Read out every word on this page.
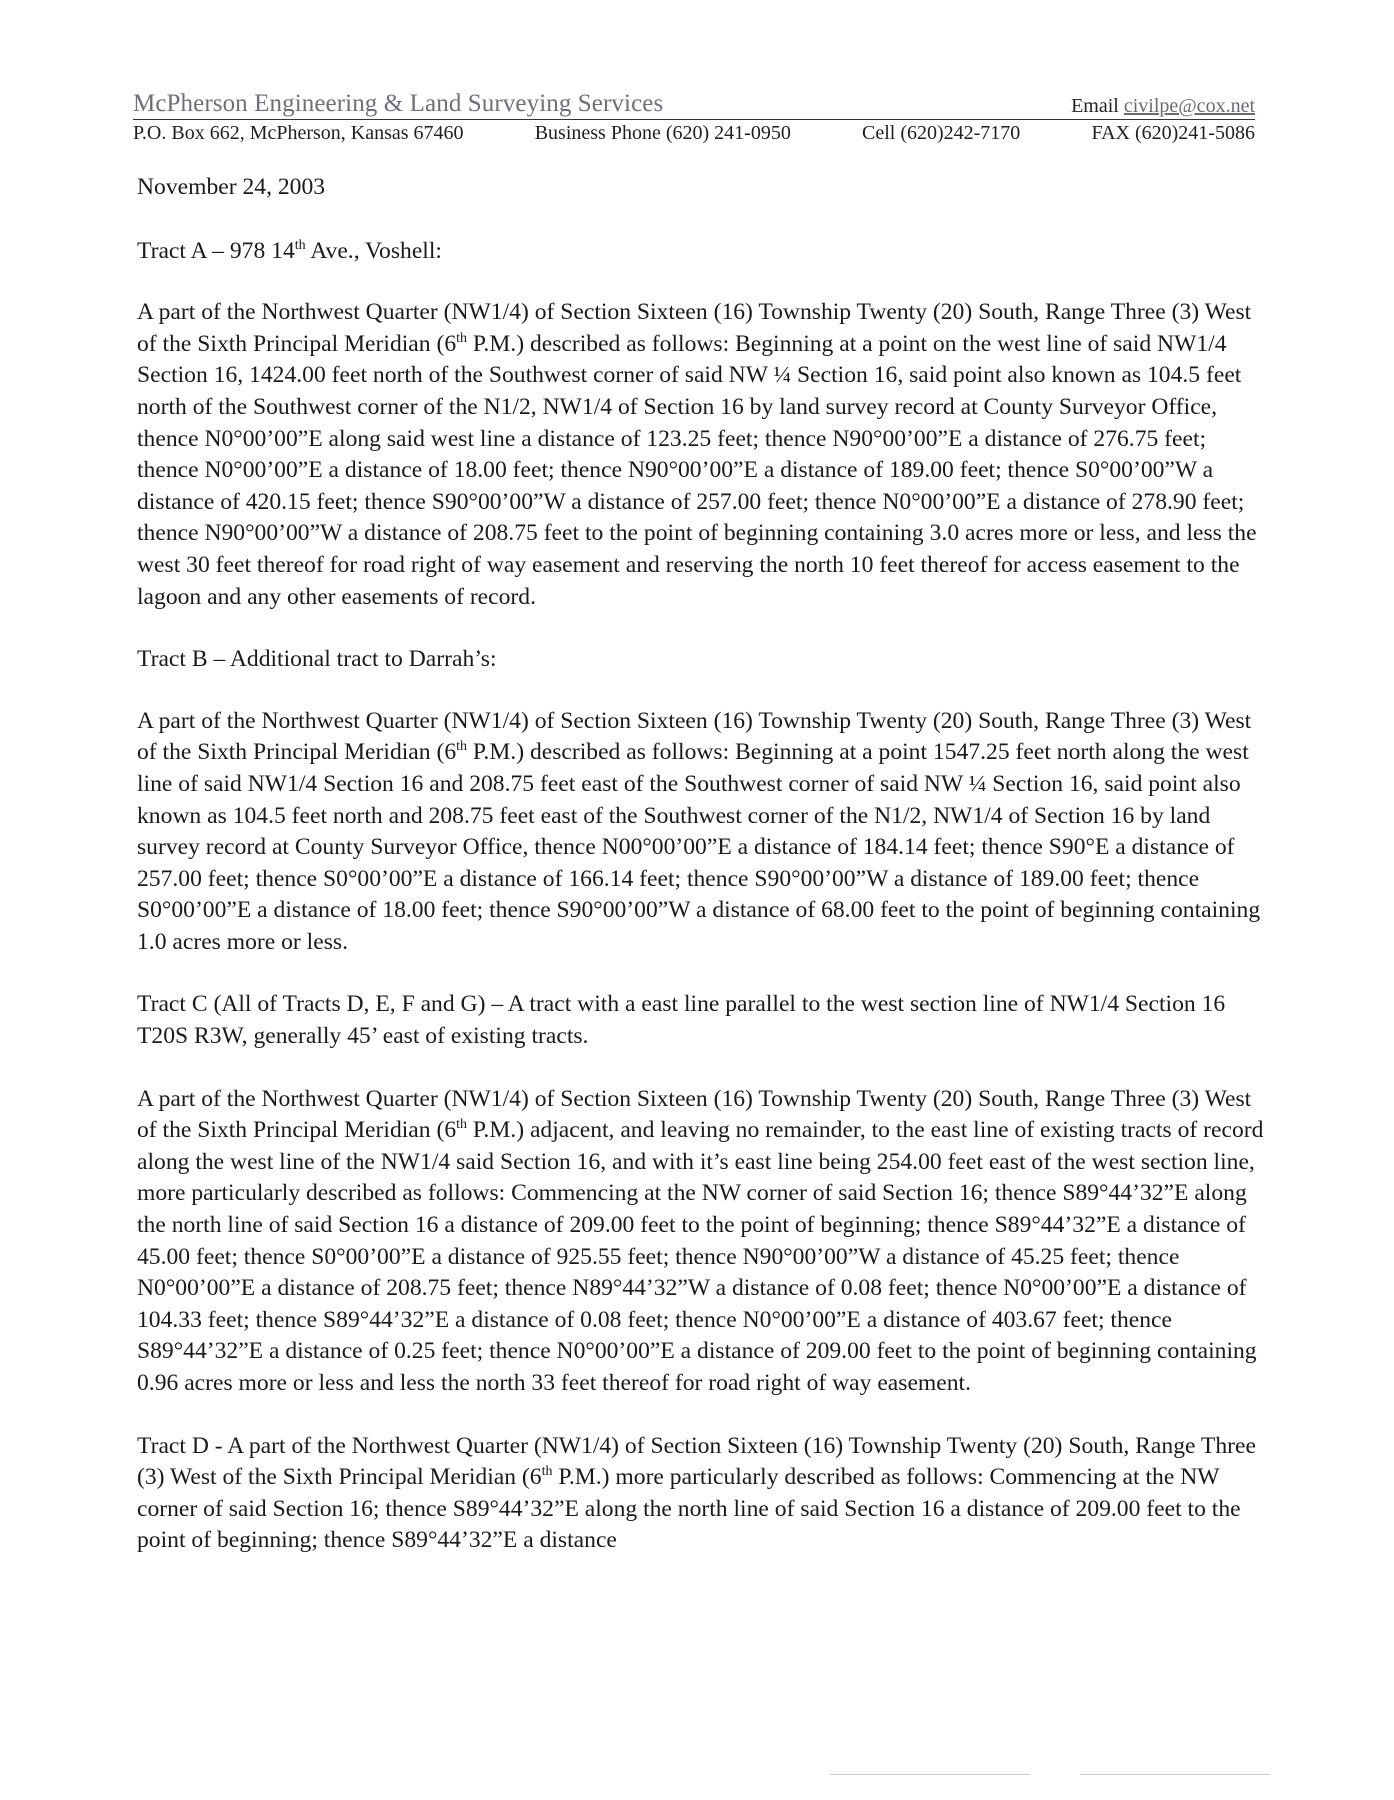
McPherson Engineering & Land Surveying Services	Email civilpe@cox.net
P.O. Box 662, McPherson, Kansas 67460	Business Phone (620) 241-0950	Cell (620)242-7170	FAX (620)241-5086

November 24, 2003

Tract A – 978 14th Ave., Voshell:

A part of the Northwest Quarter (NW1/4) of Section Sixteen (16) Township Twenty (20) South, Range Three (3) West of the Sixth Principal Meridian (6th P.M.) described as follows: Beginning at a point on the west line of said NW1/4 Section 16, 1424.00 feet north of the Southwest corner of said NW ¼ Section 16, said point also known as 104.5 feet north of the Southwest corner of the N1/2, NW1/4 of Section 16 by land survey record at County Surveyor Office, thence N0°00’00”E along said west line a distance of 123.25 feet; thence N90°00’00”E a distance of 276.75 feet; thence N0°00’00”E a distance of 18.00 feet; thence N90°00’00”E a distance of 189.00 feet; thence S0°00’00”W a distance of 420.15 feet; thence S90°00’00”W a distance of 257.00 feet; thence N0°00’00”E a distance of 278.90 feet; thence N90°00’00”W a distance of 208.75 feet to the point of beginning containing 3.0 acres more or less, and less the west 30 feet thereof for road right of way easement and reserving the north 10 feet thereof for access easement to the lagoon and any other easements of record.

Tract B – Additional tract to Darrah’s:

A part of the Northwest Quarter (NW1/4) of Section Sixteen (16) Township Twenty (20) South, Range Three (3) West of the Sixth Principal Meridian (6th P.M.) described as follows: Beginning at a point 1547.25 feet north along the west line of said NW1/4 Section 16 and 208.75 feet east of the Southwest corner of said NW ¼ Section 16, said point also known as 104.5 feet north and 208.75 feet east of the Southwest corner of the N1/2, NW1/4 of Section 16 by land survey record at County Surveyor Office, thence N00°00’00”E a distance of 184.14 feet; thence S90°E a distance of 257.00 feet; thence S0°00’00”E a distance of 166.14 feet; thence S90°00’00”W a distance of 189.00 feet; thence S0°00’00”E a distance of 18.00 feet; thence S90°00’00”W a distance of 68.00 feet to the point of beginning containing 1.0 acres more or less.

Tract C (All of Tracts D, E, F and G) – A tract with a east line parallel to the west section line of NW1/4 Section 16 T20S R3W, generally 45’ east of existing tracts.

A part of the Northwest Quarter (NW1/4) of Section Sixteen (16) Township Twenty (20) South, Range Three (3) West of the Sixth Principal Meridian (6th P.M.) adjacent, and leaving no remainder, to the east line of existing tracts of record along the west line of the NW1/4 said Section 16, and with it’s east line being 254.00 feet east of the west section line, more particularly described as follows: Commencing at the NW corner of said Section 16; thence S89°44’32”E along the north line of said Section 16 a distance of 209.00 feet to the point of beginning; thence S89°44’32”E a distance of 45.00 feet; thence S0°00’00”E a distance of 925.55 feet; thence N90°00’00”W a distance of 45.25 feet; thence N0°00’00”E a distance of 208.75 feet; thence N89°44’32”W a distance of 0.08 feet; thence N0°00’00”E a distance of 104.33 feet; thence S89°44’32”E a distance of 0.08 feet; thence N0°00’00”E a distance of 403.67 feet; thence S89°44’32”E a distance of 0.25 feet; thence N0°00’00”E a distance of 209.00 feet to the point of beginning containing 0.96 acres more or less and less the north 33 feet thereof for road right of way easement.

Tract D - A part of the Northwest Quarter (NW1/4) of Section Sixteen (16) Township Twenty (20) South, Range Three (3) West of the Sixth Principal Meridian (6th P.M.) more particularly described as follows: Commencing at the NW corner of said Section 16; thence S89°44’32”E along the north line of said Section 16 a distance of 209.00 feet to the point of beginning; thence S89°44’32”E a distance
